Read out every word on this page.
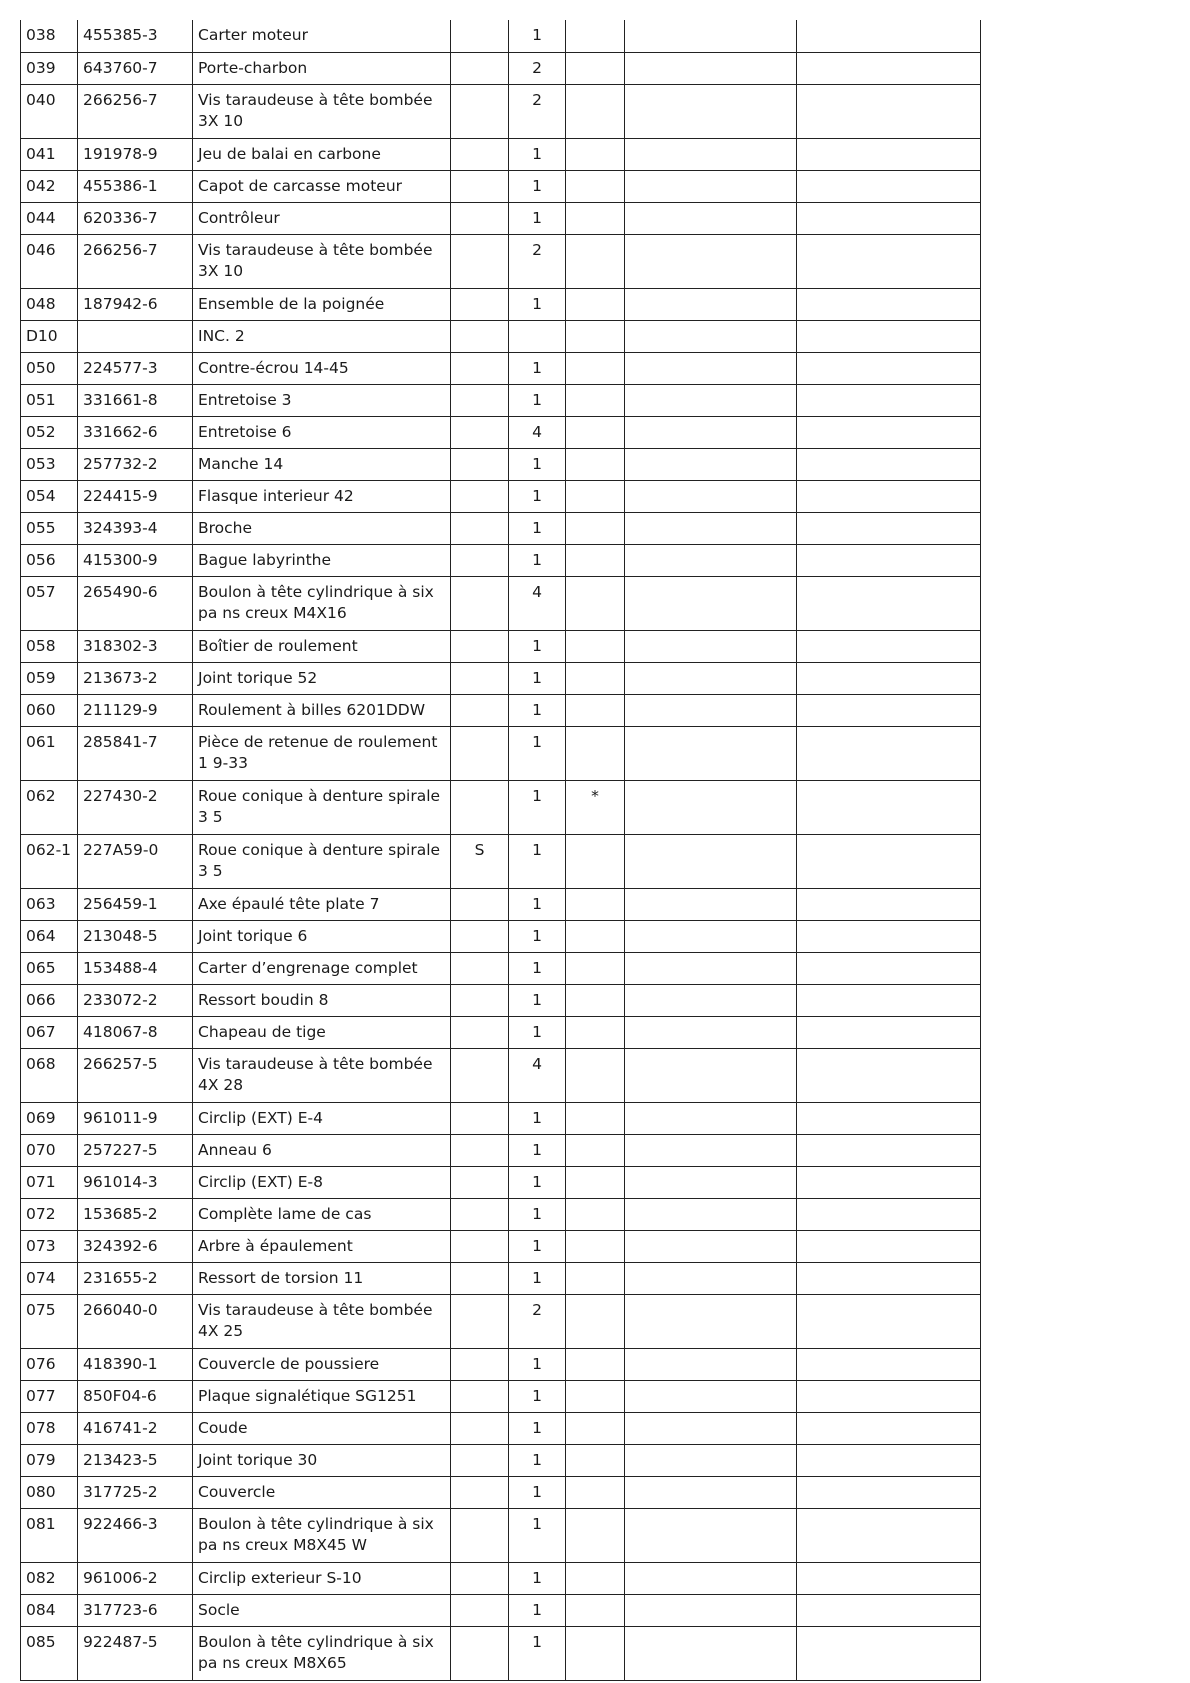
038	455385-3	Carter moteur		1			
039	643760-7	Porte-charbon		2			
040	266256-7	Vis taraudeuse à tête bombée 3X 10		2			
041	191978-9	Jeu de balai en carbone		1			
042	455386-1	Capot de carcasse moteur		1			
044	620336-7	Contrôleur		1			
046	266256-7	Vis taraudeuse à tête bombée 3X 10		2			
048	187942-6	Ensemble de la poignée		1			
D10		INC. 2					
050	224577-3	Contre-écrou 14-45		1			
051	331661-8	Entretoise 3		1			
052	331662-6	Entretoise 6		4			
053	257732-2	Manche 14		1			
054	224415-9	Flasque interieur 42		1			
055	324393-4	Broche		1			
056	415300-9	Bague labyrinthe		1			
057	265490-6	Boulon à tête cylindrique à six pa ns creux M4X16		4			
058	318302-3	Boîtier de roulement		1			
059	213673-2	Joint torique 52		1			
060	211129-9	Roulement à billes 6201DDW		1			
061	285841-7	Pièce de retenue de roulement 1 9-33		1			
062	227430-2	Roue conique à denture spirale 3 5		1	*		
062-1	227A59-0	Roue conique à denture spirale 3 5	S	1			
063	256459-1	Axe épaulé tête plate 7		1			
064	213048-5	Joint torique 6		1			
065	153488-4	Carter d’engrenage complet		1			
066	233072-2	Ressort boudin 8		1			
067	418067-8	Chapeau de tige		1			
068	266257-5	Vis taraudeuse à tête bombée 4X 28		4			
069	961011-9	Circlip (EXT) E-4		1			
070	257227-5	Anneau 6		1			
071	961014-3	Circlip (EXT) E-8		1			
072	153685-2	Complète lame de cas		1			
073	324392-6	Arbre à épaulement		1			
074	231655-2	Ressort de torsion 11		1			
075	266040-0	Vis taraudeuse à tête bombée 4X 25		2			
076	418390-1	Couvercle de poussiere		1			
077	850F04-6	Plaque signalétique SG1251		1			
078	416741-2	Coude		1			
079	213423-5	Joint torique 30		1			
080	317725-2	Couvercle		1			
081	922466-3	Boulon à tête cylindrique à six pa ns creux M8X45 W		1			
082	961006-2	Circlip exterieur S-10		1			
084	317723-6	Socle		1			
085	922487-5	Boulon à tête cylindrique à six pa ns creux M8X65		1			
